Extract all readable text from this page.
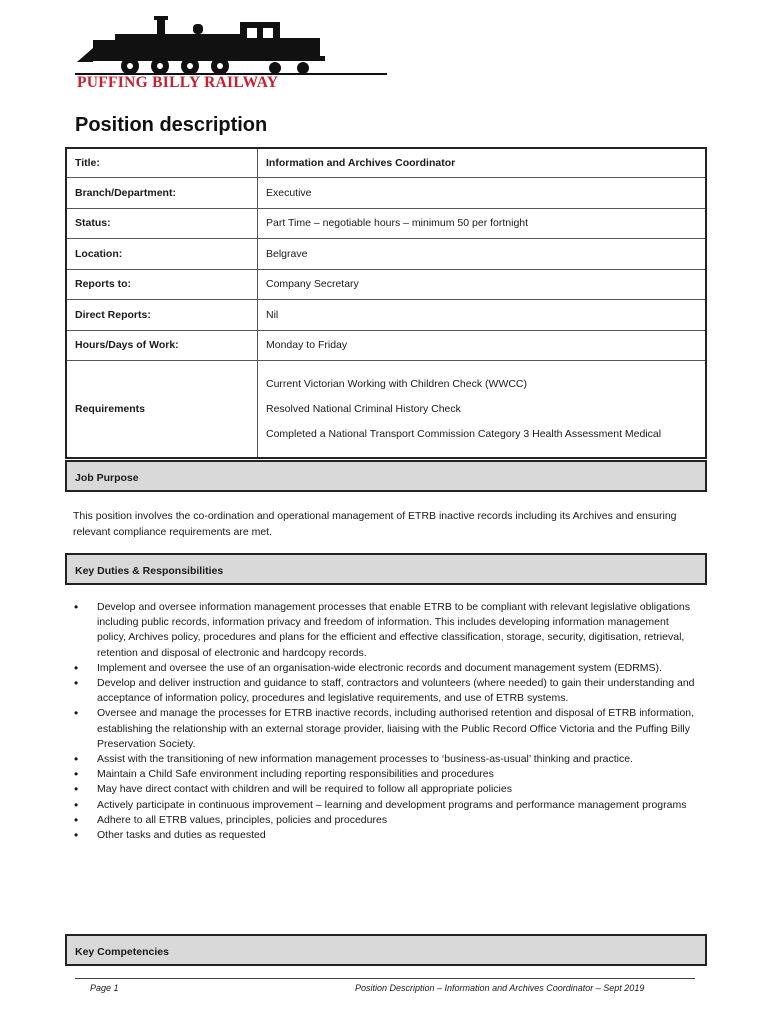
PUFFING BILLY RAILWAY
Position description
Title:	Information and Archives Coordinator
Branch/Department:	Executive
Status:	Part Time – negotiable hours – minimum 50 per fortnight
Location:	Belgrave
Reports to:	Company Secretary
Direct Reports:	Nil
Hours/Days of Work:	Monday to Friday
Requirements	Current Victorian Working with Children Check (WWCC)
Resolved National Criminal History Check
Completed a National Transport Commission Category 3 Health Assessment Medical
Job Purpose
This position involves the co-ordination and operational management of ETRB inactive records including its Archives and ensuring relevant compliance requirements are met.
Key Duties & Responsibilities
• Develop and oversee information management processes that enable ETRB to be compliant with relevant legislative obligations including public records, information privacy and freedom of information. This includes developing information management policy, Archives policy, procedures and plans for the efficient and effective classification, storage, security, digitisation, retrieval, retention and disposal of electronic and hardcopy records.
• Implement and oversee the use of an organisation-wide electronic records and document management system (EDRMS).
• Develop and deliver instruction and guidance to staff, contractors and volunteers (where needed) to gain their understanding and acceptance of information policy, procedures and legislative requirements, and use of ETRB systems.
• Oversee and manage the processes for ETRB inactive records, including authorised retention and disposal of ETRB information, establishing the relationship with an external storage provider, liaising with the Public Record Office Victoria and the Puffing Billy Preservation Society.
• Assist with the transitioning of new information management processes to ‘business-as-usual’ thinking and practice.
• Maintain a Child Safe environment including reporting responsibilities and procedures
• May have direct contact with children and will be required to follow all appropriate policies
• Actively participate in continuous improvement – learning and development programs and performance management programs
• Adhere to all ETRB values, principles, policies and procedures
• Other tasks and duties as requested
Key Competencies
Page 1	Position Description – Information and Archives Coordinator – Sept 2019
